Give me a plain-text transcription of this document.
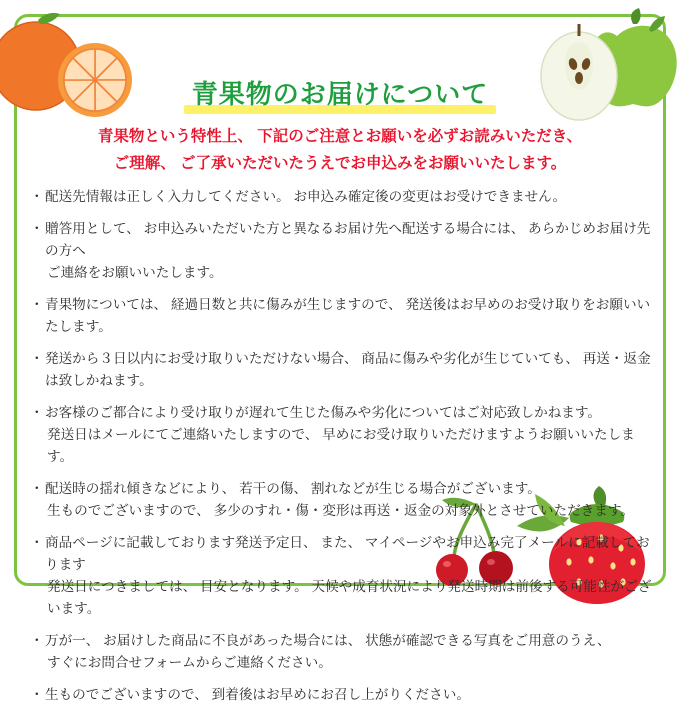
青果物のお届けについて
青果物という特性上、 下記のご注意とお願いを必ずお読みいただき、
ご理解、 ご了承いただいたうえでお申込みをお願いいたします。
・ 配送先情報は正しく入力してください。 お申込み確定後の変更はお受けできません。
・ 贈答用として、 お申込みいただいた方と異なるお届け先へ配送する場合には、 あらかじめお届け先の方へ
ご連絡をお願いいたします。
・ 青果物については、 経過日数と共に傷みが生じますので、 発送後はお早めのお受け取りをお願いいたします。
・ 発送から３日以内にお受け取りいただけない場合、 商品に傷みや劣化が生じていても、 再送・返金は致しかねます。
・ お客様のご都合により受け取りが遅れて生じた傷みや劣化についてはご対応致しかねます。
発送日はメールにてご連絡いたしますので、 早めにお受け取りいただけますようお願いいたします。
・ 配送時の揺れ傾きなどにより、 若干の傷、 割れなどが生じる場合がございます。
生ものでございますので、 多少のすれ・傷・変形は再送・返金の対象外とさせていただきます。
・ 商品ページに記載しております発送予定日、 また、 マイページやお申込み完了メールに記載しております
発送日につきましては、 目安となります。 天候や成育状況により発送時期は前後する可能性がございます。
・ 万が一、 お届けした商品に不良があった場合には、 状態が確認できる写真をご用意のうえ、
すぐにお問合せフォームからご連絡ください。
・ 生ものでございますので、 到着後はお早めにお召し上がりください。
